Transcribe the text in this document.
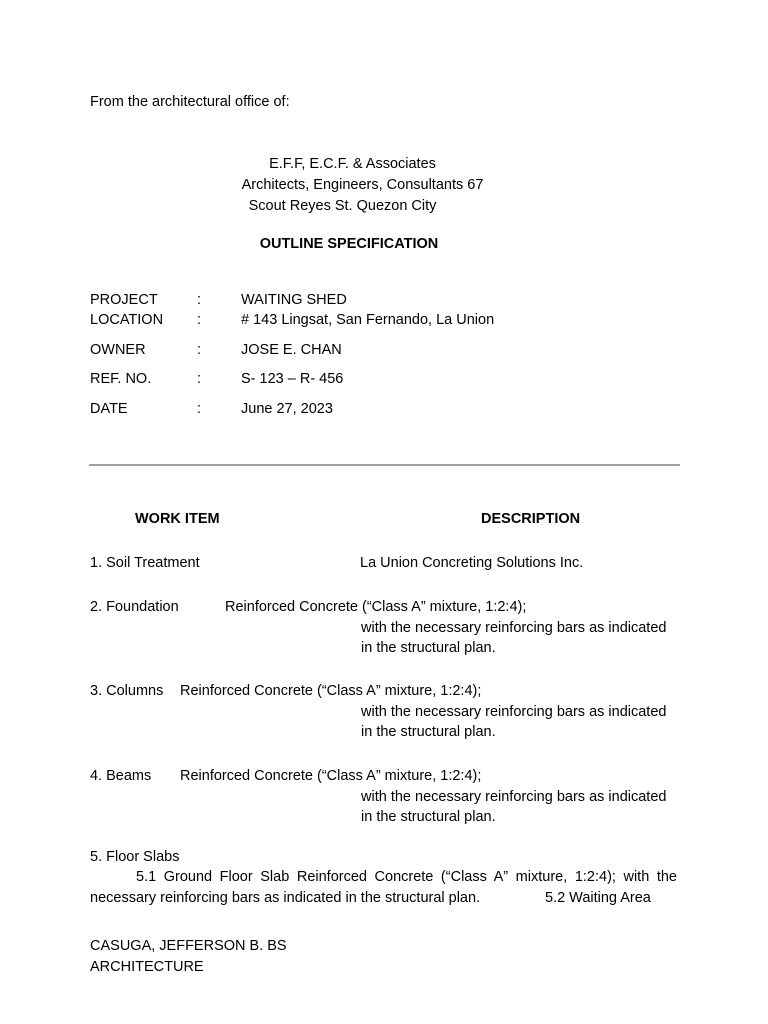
From the architectural office of:
E.F.F, E.C.F. & Associates
Architects, Engineers, Consultants 67
Scout Reyes St. Quezon City
OUTLINE SPECIFICATION
PROJECT	:	WAITING SHED
LOCATION :	# 143 Lingsat, San Fernando, La Union
OWNER	:	JOSE E. CHAN
REF. NO.	:	S- 123 – R- 456
DATE	:	June 27, 2023
WORK ITEM	DESCRIPTION
1. Soil Treatment	La Union Concreting Solutions Inc.
2. Foundation	Reinforced Concrete (“Class A” mixture, 1:2:4);
with the necessary reinforcing bars as indicated
in the structural plan.
3. Columns Reinforced Concrete (“Class A” mixture, 1:2:4);
with the necessary reinforcing bars as indicated
in the structural plan.
4. Beams Reinforced Concrete (“Class A” mixture, 1:2:4);
with the necessary reinforcing bars as indicated
in the structural plan.
5. Floor Slabs
5.1 Ground Floor Slab Reinforced Concrete (“Class A” mixture, 1:2:4); with the
necessary reinforcing bars as indicated in the structural plan.	5.2 Waiting Area
CASUGA, JEFFERSON B. BS
ARCHITECTURE
